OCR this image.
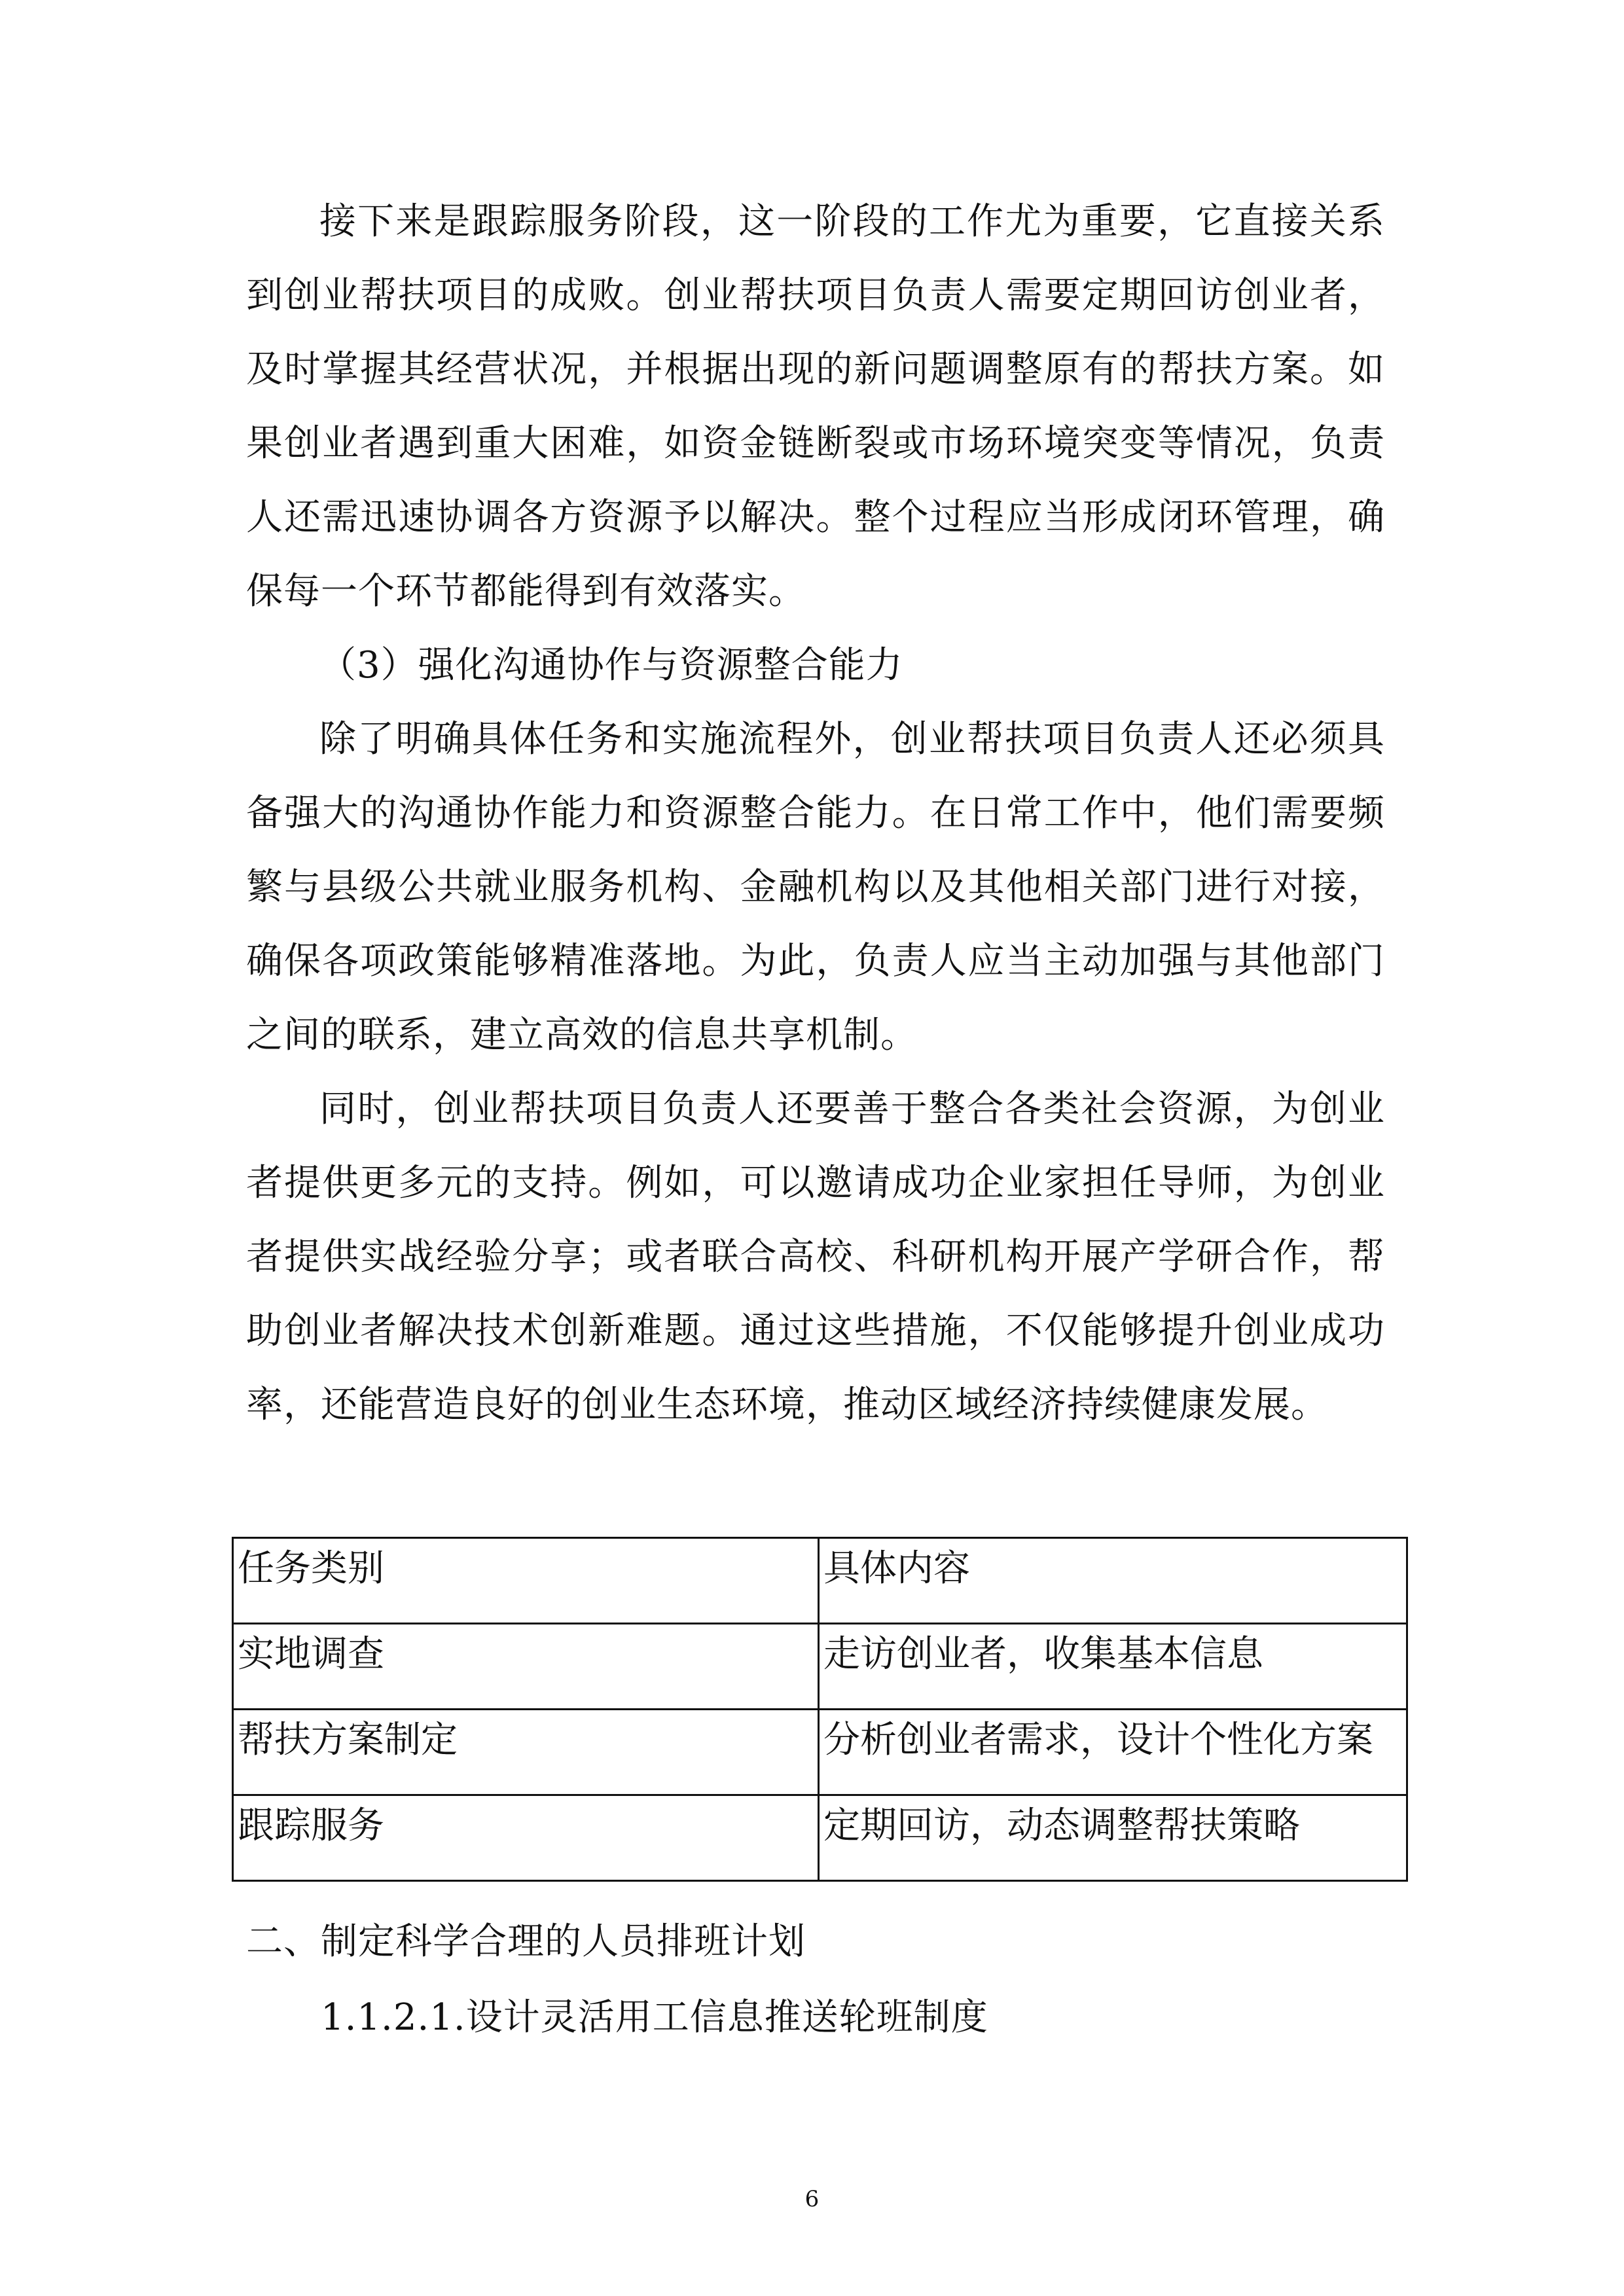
接下来是跟踪服务阶段，这一阶段的工作尤为重要，它直接关系到创业帮扶项目的成败。创业帮扶项目负责人需要定期回访创业者，及时掌握其经营状况，并根据出现的新问题调整原有的帮扶方案。如果创业者遇到重大困难，如资金链断裂或市场环境突变等情况，负责人还需迅速协调各方资源予以解决。整个过程应当形成闭环管理，确保每一个环节都能得到有效落实。

（3）强化沟通协作与资源整合能力

除了明确具体任务和实施流程外，创业帮扶项目负责人还必须具备强大的沟通协作能力和资源整合能力。在日常工作中，他们需要频繁与县级公共就业服务机构、金融机构以及其他相关部门进行对接，确保各项政策能够精准落地。为此，负责人应当主动加强与其他部门之间的联系，建立高效的信息共享机制。

同时，创业帮扶项目负责人还要善于整合各类社会资源，为创业者提供更多元的支持。例如，可以邀请成功企业家担任导师，为创业者提供实战经验分享；或者联合高校、科研机构开展产学研合作，帮助创业者解决技术创新难题。通过这些措施，不仅能够提升创业成功率，还能营造良好的创业生态环境，推动区域经济持续健康发展。

任务类别	具体内容
实地调查	走访创业者，收集基本信息
帮扶方案制定	分析创业者需求，设计个性化方案
跟踪服务	定期回访，动态调整帮扶策略
二、制定科学合理的人员排班计划
1.1.2.1.设计灵活用工信息推送轮班制度
6
